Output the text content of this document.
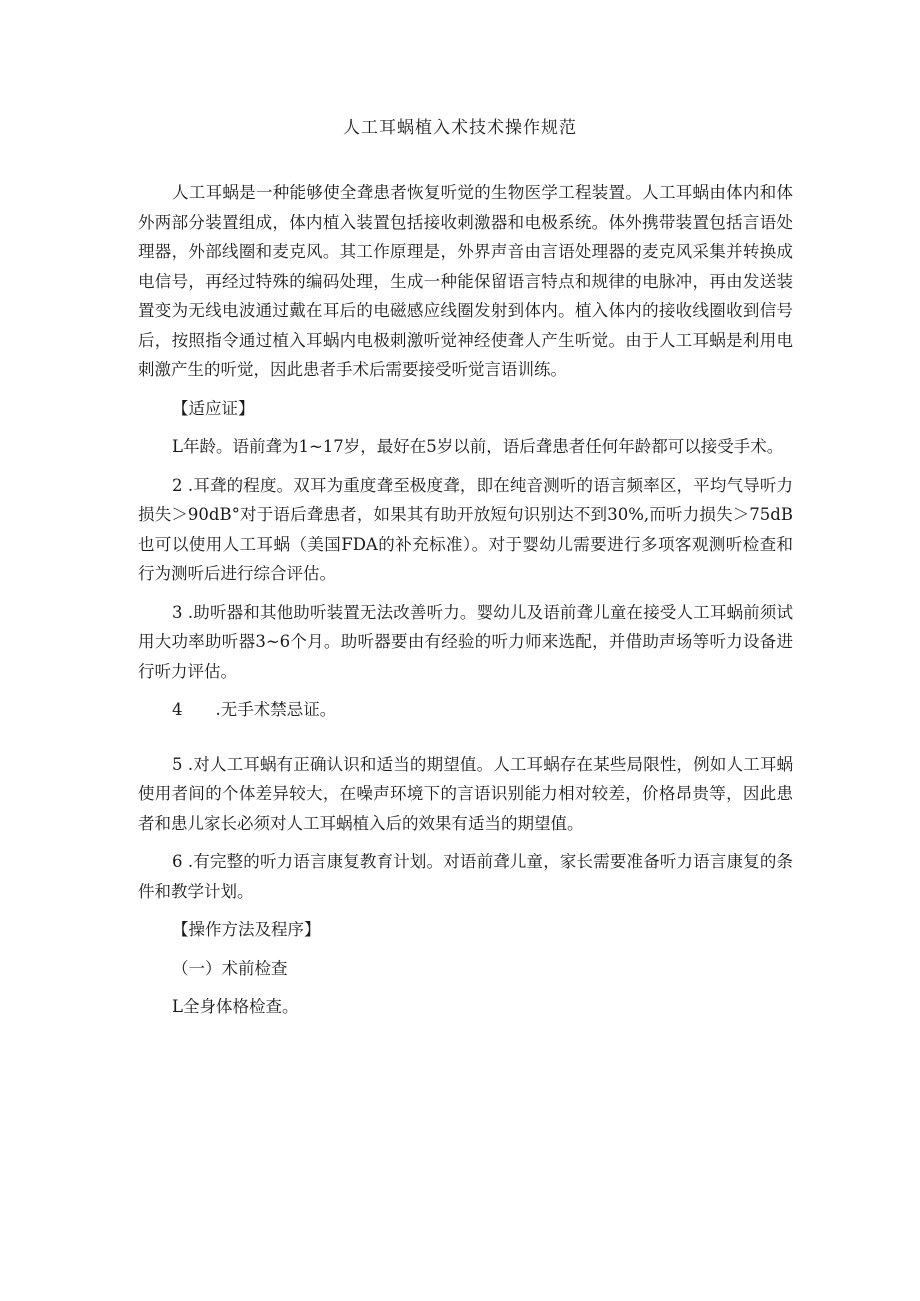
人工耳蜗植入术技术操作规范

人工耳蜗是一种能够使全聋患者恢复听觉的生物医学工程装置。人工耳蜗由体内和体外两部分装置组成，体内植入装置包括接收刺激器和电极系统。体外携带装置包括言语处理器，外部线圈和麦克风。其工作原理是，外界声音由言语处理器的麦克风采集并转换成电信号，再经过特殊的编码处理，生成一种能保留语言特点和规律的电脉冲，再由发送装置变为无线电波通过戴在耳后的电磁感应线圈发射到体内。植入体内的接收线圈收到信号后，按照指令通过植入耳蜗内电极刺激听觉神经使聋人产生听觉。由于人工耳蜗是利用电刺激产生的听觉，因此患者手术后需要接受听觉言语训练。

【适应证】

L年龄。语前聋为1~17岁，最好在5岁以前，语后聋患者任何年龄都可以接受手术。

2 .耳聋的程度。双耳为重度聋至极度聋，即在纯音测听的语言频率区，平均气导听力损失＞90dB°对于语后聋患者，如果其有助开放短句识别达不到30%,而听力损失＞75dB也可以使用人工耳蜗（美国FDA的补充标准）。对于婴幼儿需要进行多项客观测听检查和行为测听后进行综合评估。

3 .助听器和其他助听装置无法改善听力。婴幼儿及语前聋儿童在接受人工耳蜗前须试用大功率助听器3~6个月。助听器要由有经验的听力师来选配，并借助声场等听力设备进行听力评估。

4　　.无手术禁忌证。

5 .对人工耳蜗有正确认识和适当的期望值。人工耳蜗存在某些局限性，例如人工耳蜗使用者间的个体差异较大，在噪声环境下的言语识别能力相对较差，价格昂贵等，因此患者和患儿家长必须对人工耳蜗植入后的效果有适当的期望值。

6 .有完整的听力语言康复教育计划。对语前聋儿童，家长需要准备听力语言康复的条件和教学计划。

【操作方法及程序】

（一）术前检查

L全身体格检查。
